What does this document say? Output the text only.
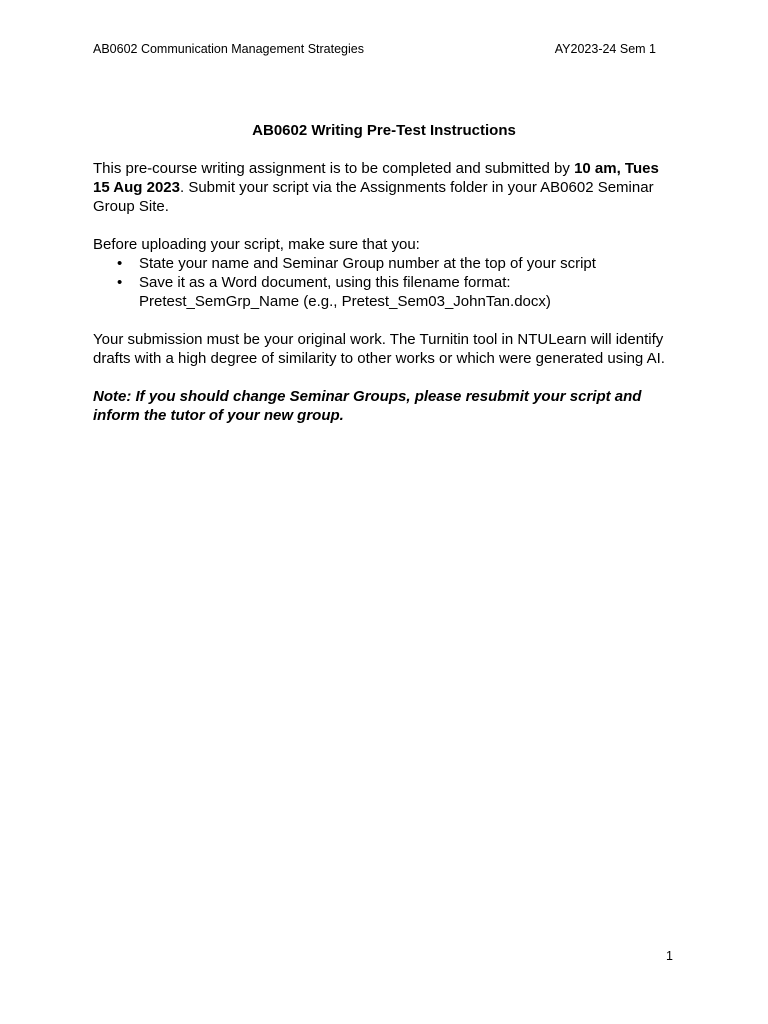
AB0602 Communication Management Strategies	AY2023-24 Sem 1
AB0602 Writing Pre-Test Instructions

This pre-course writing assignment is to be completed and submitted by 10 am, Tues 15 Aug 2023. Submit your script via the Assignments folder in your AB0602 Seminar Group Site.

Before uploading your script, make sure that you:
• State your name and Seminar Group number at the top of your script
• Save it as a Word document, using this filename format:
Pretest_SemGrp_Name (e.g., Pretest_Sem03_JohnTan.docx)

Your submission must be your original work. The Turnitin tool in NTULearn will identify drafts with a high degree of similarity to other works or which were generated using AI.

Note: If you should change Seminar Groups, please resubmit your script and inform the tutor of your new group.

1
